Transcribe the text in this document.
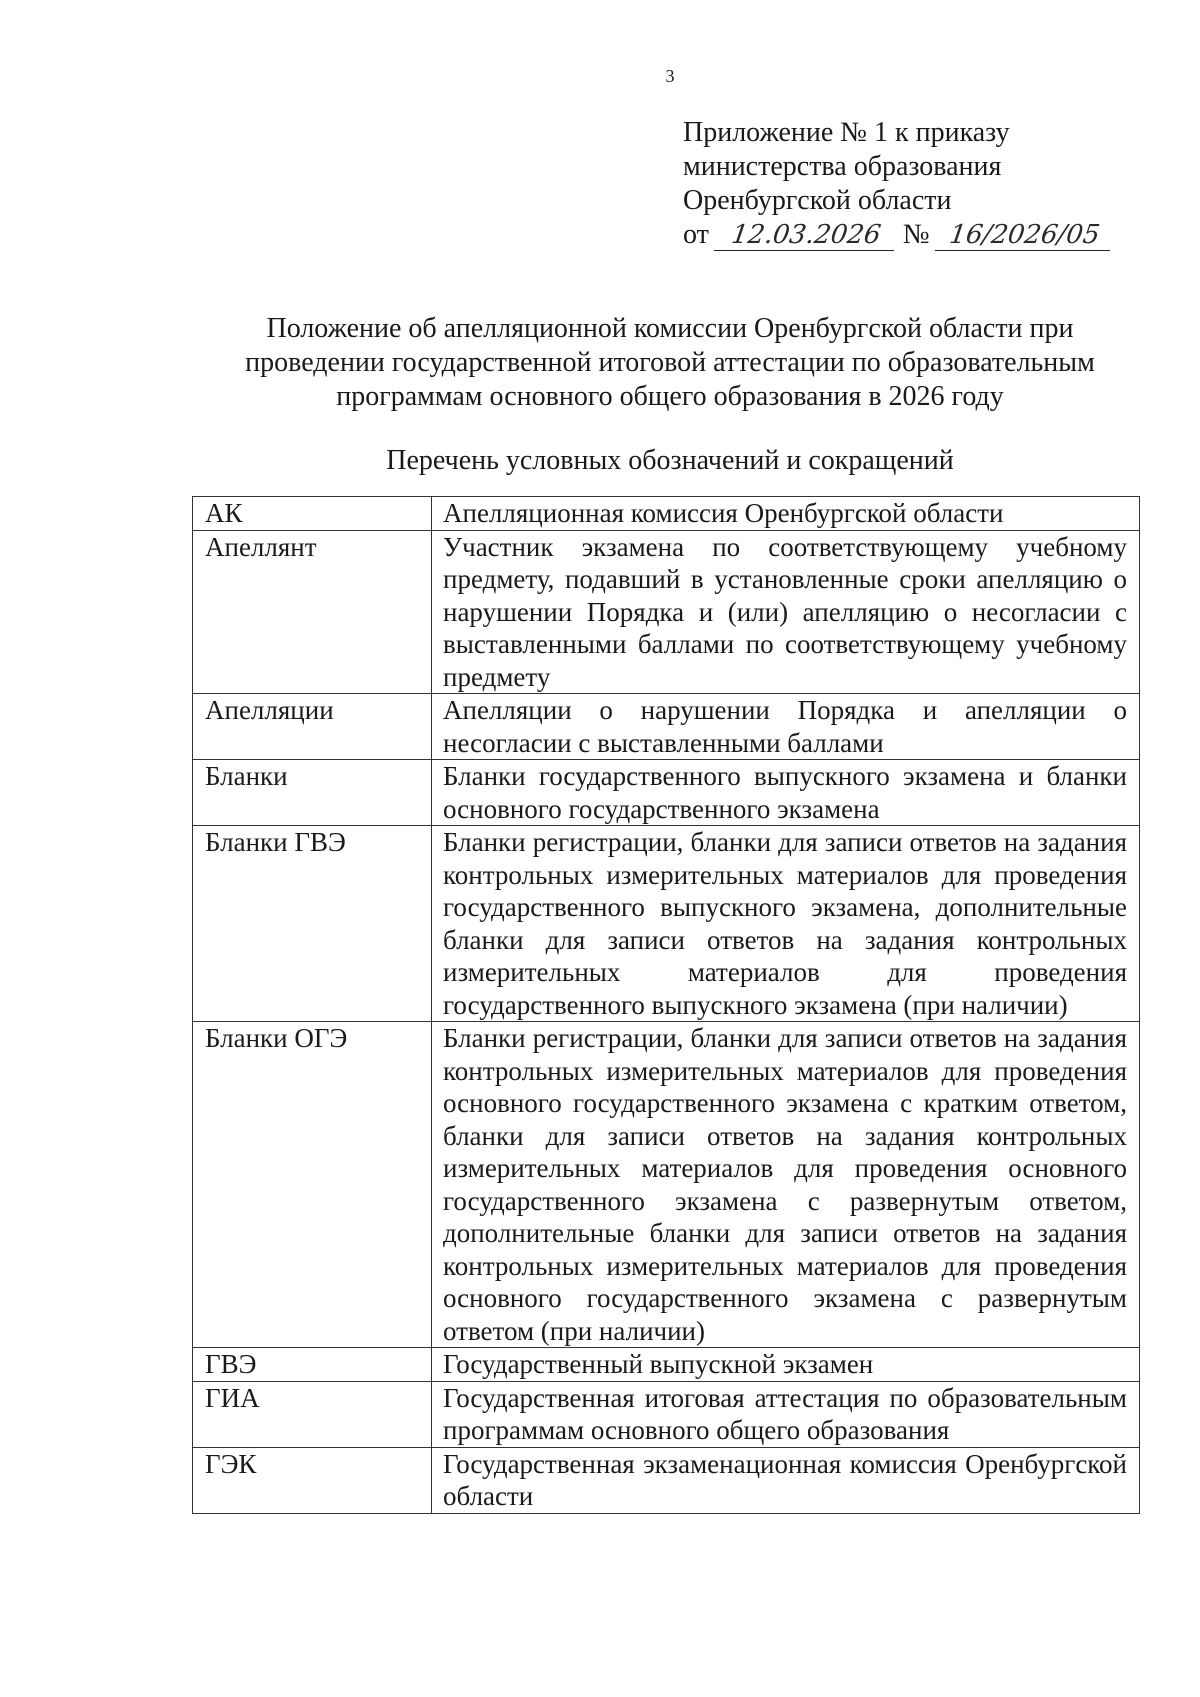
3
Приложение № 1 к приказу
министерства образования
Оренбургской области
от 12.03.2026 № 16/2026/05
Положение об апелляционной комиссии Оренбургской области при
проведении государственной итоговой аттестации по образовательным
программам основного общего образования в 2026 году
Перечень условных обозначений и сокращений
АК	Апелляционная комиссия Оренбургской области
Апеллянт	Участник экзамена по соответствующему учебному предмету, подавший в установленные сроки апелляцию о нарушении Порядка и (или) апелляцию о несогласии с выставленными баллами по соответствующему учебному предмету
Апелляции	Апелляции о нарушении Порядка и апелляции о несогласии с выставленными баллами
Бланки	Бланки государственного выпускного экзамена и бланки основного государственного экзамена
Бланки ГВЭ	Бланки регистрации, бланки для записи ответов на задания контрольных измерительных материалов для проведения государственного выпускного экзамена, дополнительные бланки для записи ответов на задания контрольных измерительных материалов для проведения государственного выпускного экзамена (при наличии)
Бланки ОГЭ	Бланки регистрации, бланки для записи ответов на задания контрольных измерительных материалов для проведения основного государственного экзамена с кратким ответом, бланки для записи ответов на задания контрольных измерительных материалов для проведения основного государственного экзамена с развернутым ответом, дополнительные бланки для записи ответов на задания контрольных измерительных материалов для проведения основного государственного экзамена с развернутым ответом (при наличии)
ГВЭ	Государственный выпускной экзамен
ГИА	Государственная итоговая аттестация по образовательным программам основного общего образования
ГЭК	Государственная экзаменационная комиссия Оренбургской области
